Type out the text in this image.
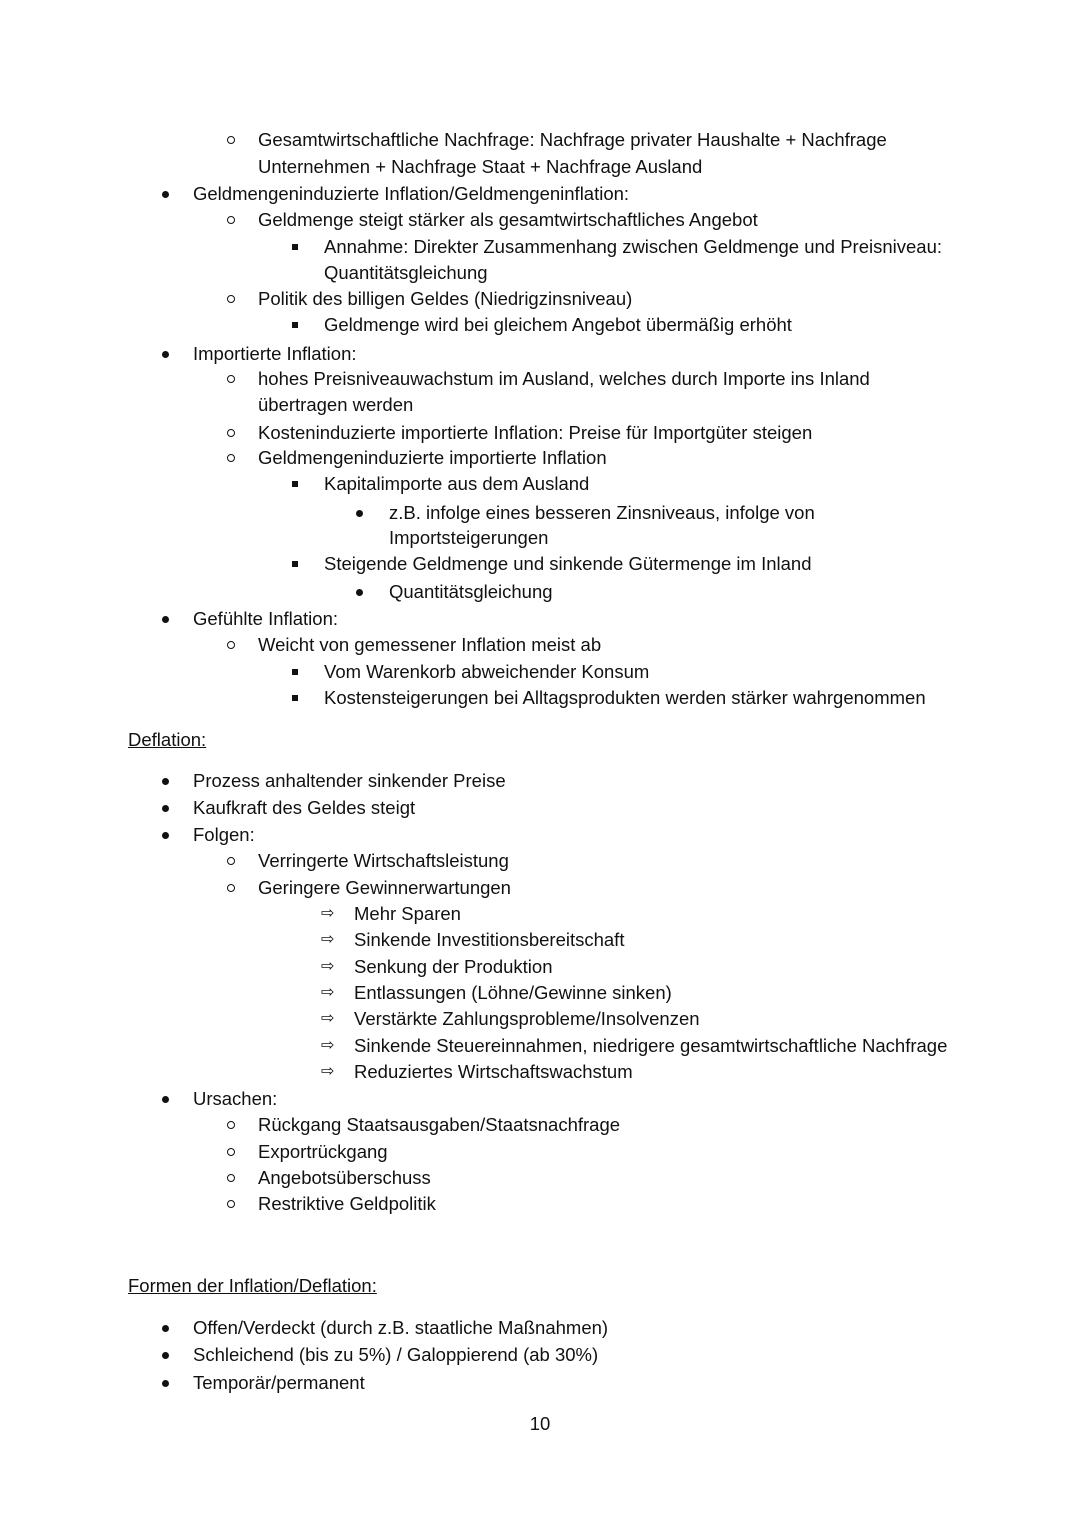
Gesamtwirtschaftliche Nachfrage: Nachfrage privater Haushalte + Nachfrage
Unternehmen + Nachfrage Staat + Nachfrage Ausland
Geldmengeninduzierte Inflation/Geldmengeninflation:
Geldmenge steigt stärker als gesamtwirtschaftliches Angebot
Annahme: Direkter Zusammenhang zwischen Geldmenge und Preisniveau:
Quantitätsgleichung
Politik des billigen Geldes (Niedrigzinsniveau)
Geldmenge wird bei gleichem Angebot übermäßig erhöht
Importierte Inflation:
hohes Preisniveauwachstum im Ausland, welches durch Importe ins Inland
übertragen werden
Kosteninduzierte importierte Inflation: Preise für Importgüter steigen
Geldmengeninduzierte importierte Inflation
Kapitalimporte aus dem Ausland
z.B. infolge eines besseren Zinsniveaus, infolge von
Importsteigerungen
Steigende Geldmenge und sinkende Gütermenge im Inland
Quantitätsgleichung
Gefühlte Inflation:
Weicht von gemessener Inflation meist ab
Vom Warenkorb abweichender Konsum
Kostensteigerungen bei Alltagsprodukten werden stärker wahrgenommen
Deflation:
Prozess anhaltender sinkender Preise
Kaufkraft des Geldes steigt
Folgen:
Verringerte Wirtschaftsleistung
Geringere Gewinnerwartungen
⇨ Mehr Sparen
⇨ Sinkende Investitionsbereitschaft
⇨ Senkung der Produktion
⇨ Entlassungen (Löhne/Gewinne sinken)
⇨ Verstärkte Zahlungsprobleme/Insolvenzen
⇨ Sinkende Steuereinnahmen, niedrigere gesamtwirtschaftliche Nachfrage
⇨ Reduziertes Wirtschaftswachstum
Ursachen:
Rückgang Staatsausgaben/Staatsnachfrage
Exportrückgang
Angebotsüberschuss
Restriktive Geldpolitik
Formen der Inflation/Deflation:
Offen/Verdeckt (durch z.B. staatliche Maßnahmen)
Schleichend (bis zu 5%) / Galoppierend (ab 30%)
Temporär/permanent
10
